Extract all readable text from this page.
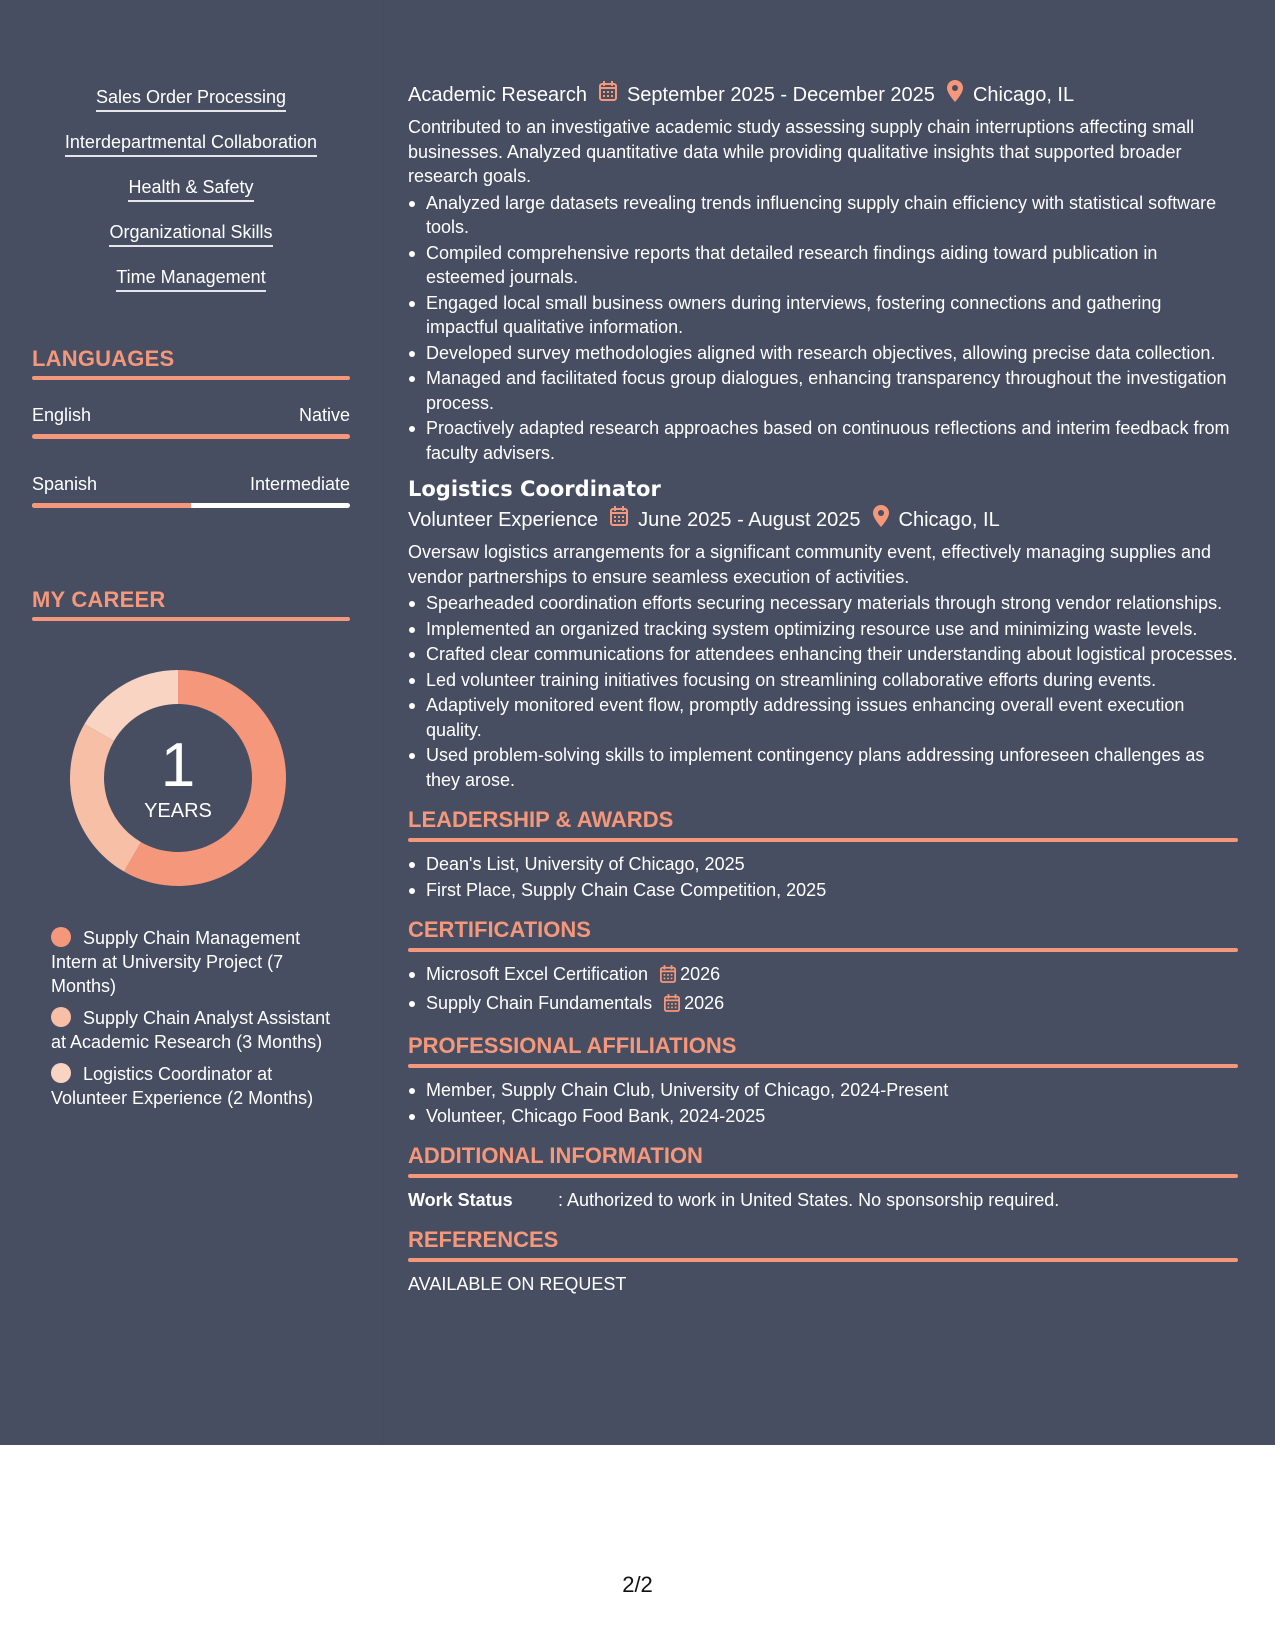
Sales Order Processing
Interdepartmental Collaboration
Health & Safety
Organizational Skills
Time Management
LANGUAGES
English	Native
Spanish	Intermediate
MY CAREER
1
YEARS
Supply Chain Management Intern at University Project (7 Months)
Supply Chain Analyst Assistant at Academic Research (3 Months)
Logistics Coordinator at Volunteer Experience (2 Months)
Academic Research September 2025 - December 2025 Chicago, IL
Contributed to an investigative academic study assessing supply chain interruptions affecting small businesses. Analyzed quantitative data while providing qualitative insights that supported broader research goals.
Analyzed large datasets revealing trends influencing supply chain efficiency with statistical software tools.
Compiled comprehensive reports that detailed research findings aiding toward publication in esteemed journals.
Engaged local small business owners during interviews, fostering connections and gathering impactful qualitative information.
Developed survey methodologies aligned with research objectives, allowing precise data collection.
Managed and facilitated focus group dialogues, enhancing transparency throughout the investigation process.
Proactively adapted research approaches based on continuous reflections and interim feedback from faculty advisers.
Logistics Coordinator
Volunteer Experience June 2025 - August 2025 Chicago, IL
Oversaw logistics arrangements for a significant community event, effectively managing supplies and vendor partnerships to ensure seamless execution of activities.
Spearheaded coordination efforts securing necessary materials through strong vendor relationships.
Implemented an organized tracking system optimizing resource use and minimizing waste levels.
Crafted clear communications for attendees enhancing their understanding about logistical processes.
Led volunteer training initiatives focusing on streamlining collaborative efforts during events.
Adaptively monitored event flow, promptly addressing issues enhancing overall event execution quality.
Used problem-solving skills to implement contingency plans addressing unforeseen challenges as they arose.
LEADERSHIP & AWARDS
Dean's List, University of Chicago, 2025
First Place, Supply Chain Case Competition, 2025
CERTIFICATIONS
Microsoft Excel Certification 2026
Supply Chain Fundamentals 2026
PROFESSIONAL AFFILIATIONS
Member, Supply Chain Club, University of Chicago, 2024-Present
Volunteer, Chicago Food Bank, 2024-2025
ADDITIONAL INFORMATION
Work Status	: Authorized to work in United States. No sponsorship required.
REFERENCES
AVAILABLE ON REQUEST
2/2
